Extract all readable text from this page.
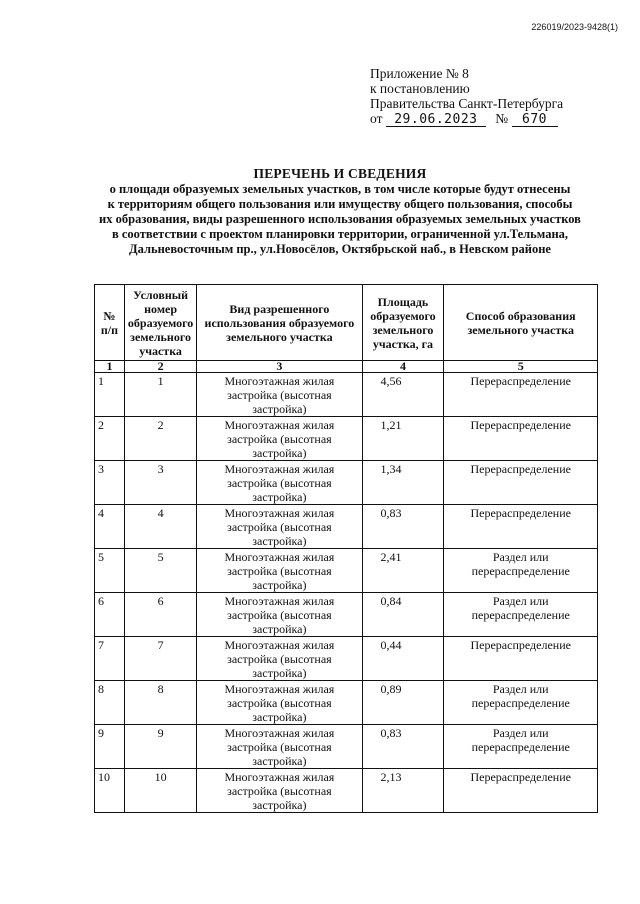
226019/2023-9428(1)
Приложение № 8
к постановлению
Правительства Санкт-Петербурга
от 29.06.2023 № 670
ПЕРЕЧЕНЬ И СВЕДЕНИЯ
о площади образуемых земельных участков, в том числе которые будут отнесены
к территориям общего пользования или имуществу общего пользования, способы
их образования, виды разрешенного использования образуемых земельных участков
в соответствии с проектом планировки территории, ограниченной ул.Тельмана,
Дальневосточным пр., ул.Новосёлов, Октябрьской наб., в Невском районе
№ п/п	Условный номер образуемого земельного участка	Вид разрешенного использования образуемого земельного участка	Площадь образуемого земельного участка, га	Способ образования земельного участка
1	2	3	4	5
1	1	Многоэтажная жилая застройка (высотная застройка)	4,56	Перераспределение
2	2	Многоэтажная жилая застройка (высотная застройка)	1,21	Перераспределение
3	3	Многоэтажная жилая застройка (высотная застройка)	1,34	Перераспределение
4	4	Многоэтажная жилая застройка (высотная застройка)	0,83	Перераспределение
5	5	Многоэтажная жилая застройка (высотная застройка)	2,41	Раздел или перераспределение
6	6	Многоэтажная жилая застройка (высотная застройка)	0,84	Раздел или перераспределение
7	7	Многоэтажная жилая застройка (высотная застройка)	0,44	Перераспределение
8	8	Многоэтажная жилая застройка (высотная застройка)	0,89	Раздел или перераспределение
9	9	Многоэтажная жилая застройка (высотная застройка)	0,83	Раздел или перераспределение
10	10	Многоэтажная жилая застройка (высотная застройка)	2,13	Перераспределение
